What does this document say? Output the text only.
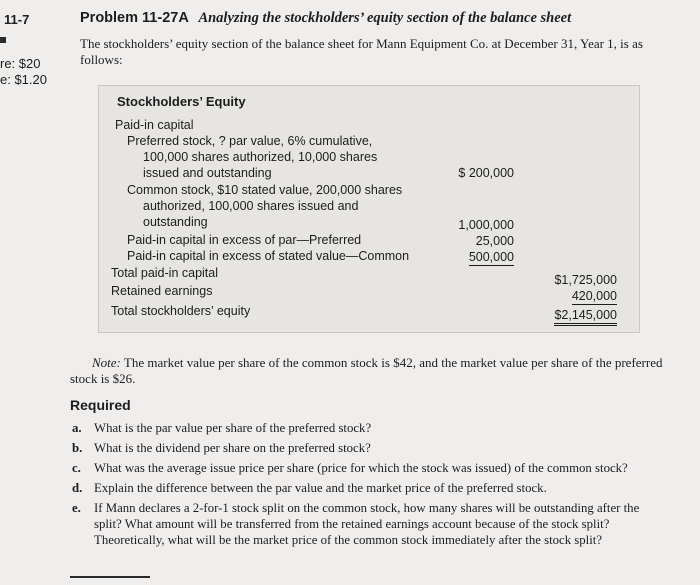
11-7
re: $20
e: $1.20
Problem 11-27A Analyzing the stockholders’ equity section of the balance sheet
The stockholders’ equity section of the balance sheet for Mann Equipment Co. at December 31, Year 1, is as follows:
Stockholders’ Equity
Paid-in capital
Preferred stock, ? par value, 6% cumulative,
100,000 shares authorized, 10,000 shares
issued and outstanding	$ 200,000
Common stock, $10 stated value, 200,000 shares
authorized, 100,000 shares issued and
outstanding	1,000,000
Paid-in capital in excess of par—Preferred	25,000
Paid-in capital in excess of stated value—Common	500,000
Total paid-in capital	$1,725,000
Retained earnings	420,000
Total stockholders’ equity	$2,145,000
Note: The market value per share of the common stock is $42, and the market value per share of the preferred stock is $26.
Required
a. What is the par value per share of the preferred stock?
b. What is the dividend per share on the preferred stock?
c. What was the average issue price per share (price for which the stock was issued) of the common stock?
d. Explain the difference between the par value and the market price of the preferred stock.
e. If Mann declares a 2-for-1 stock split on the common stock, how many shares will be outstanding after the split? What amount will be transferred from the retained earnings account because of the stock split? Theoretically, what will be the market price of the common stock immediately after the stock split?
